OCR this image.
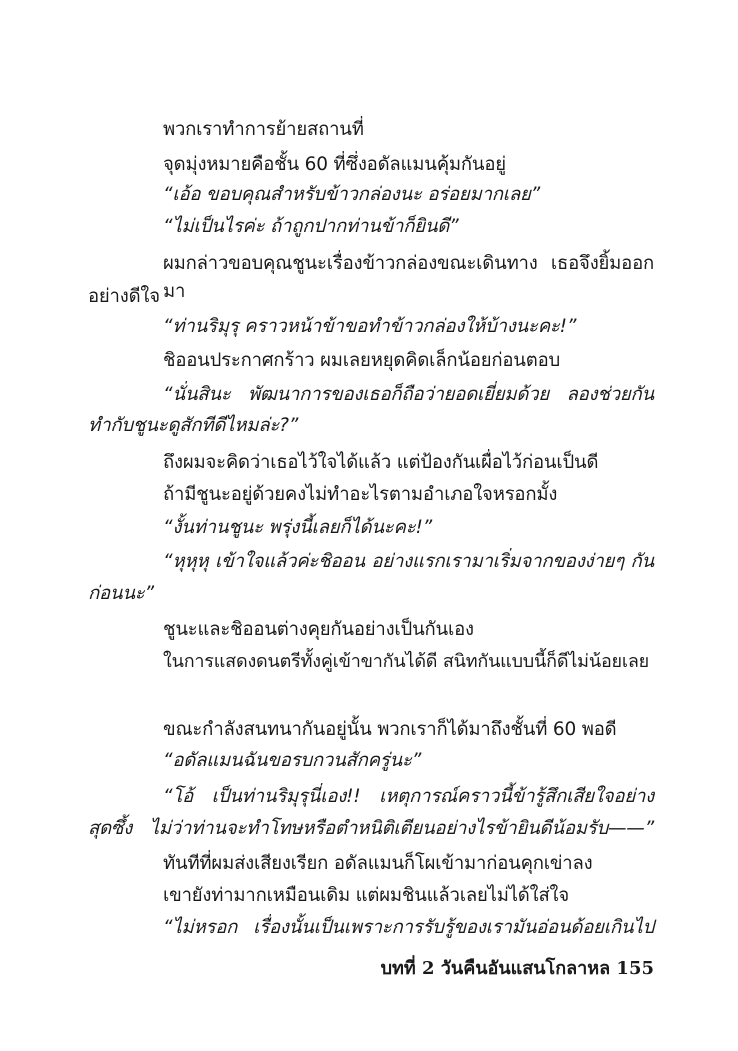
พวกเราทำการย้ายสถานที่
จุดมุ่งหมายคือชั้น 60 ที่ซึ่งอดัลแมนคุ้มกันอยู่
“เอ้อ ขอบคุณสำหรับข้าวกล่องนะ อร่อยมากเลย”
“ไม่เป็นไรค่ะ ถ้าถูกปากท่านข้าก็ยินดี”
ผมกล่าวขอบคุณชูนะเรื่องข้าวกล่องขณะเดินทาง เธอจึงยิ้มออกมา
อย่างดีใจ
“ท่านริมุรุ คราวหน้าข้าขอทำข้าวกล่องให้บ้างนะคะ!”
ชิออนประกาศกร้าว ผมเลยหยุดคิดเล็กน้อยก่อนตอบ
“นั่นสินะ พัฒนาการของเธอก็ถือว่ายอดเยี่ยมด้วย ลองช่วยกัน
ทำกับชูนะดูสักทีดีไหมล่ะ?”
ถึงผมจะคิดว่าเธอไว้ใจได้แล้ว แต่ป้องกันเผื่อไว้ก่อนเป็นดี
ถ้ามีชูนะอยู่ด้วยคงไม่ทำอะไรตามอำเภอใจหรอกมั้ง
“งั้นท่านชูนะ พรุ่งนี้เลยก็ได้นะคะ!”
“หุหุหุ เข้าใจแล้วค่ะชิออน อย่างแรกเรามาเริ่มจากของง่ายๆ กัน
ก่อนนะ”
ชูนะและชิออนต่างคุยกันอย่างเป็นกันเอง
ในการแสดงดนตรีทั้งคู่เข้าขากันได้ดี สนิทกันแบบนี้ก็ดีไม่น้อยเลย
ขณะกำลังสนทนากันอยู่นั้น พวกเราก็ได้มาถึงชั้นที่ 60 พอดี
“อดัลแมนฉันขอรบกวนสักครู่นะ”
“โอ้ เป็นท่านริมุรุนี่เอง!! เหตุการณ์คราวนี้ข้ารู้สึกเสียใจอย่าง
สุดซึ้ง ไม่ว่าท่านจะทำโทษหรือตำหนิติเตียนอย่างไรข้ายินดีน้อมรับ——”
ทันทีที่ผมส่งเสียงเรียก อดัลแมนก็โผเข้ามาก่อนคุกเข่าลง
เขายังท่ามากเหมือนเดิม แต่ผมชินแล้วเลยไม่ได้ใส่ใจ
“ไม่หรอก เรื่องนั้นเป็นเพราะการรับรู้ของเรามันอ่อนด้อยเกินไป
บทที่ 2 วันคืนอันแสนโกลาหล 155
